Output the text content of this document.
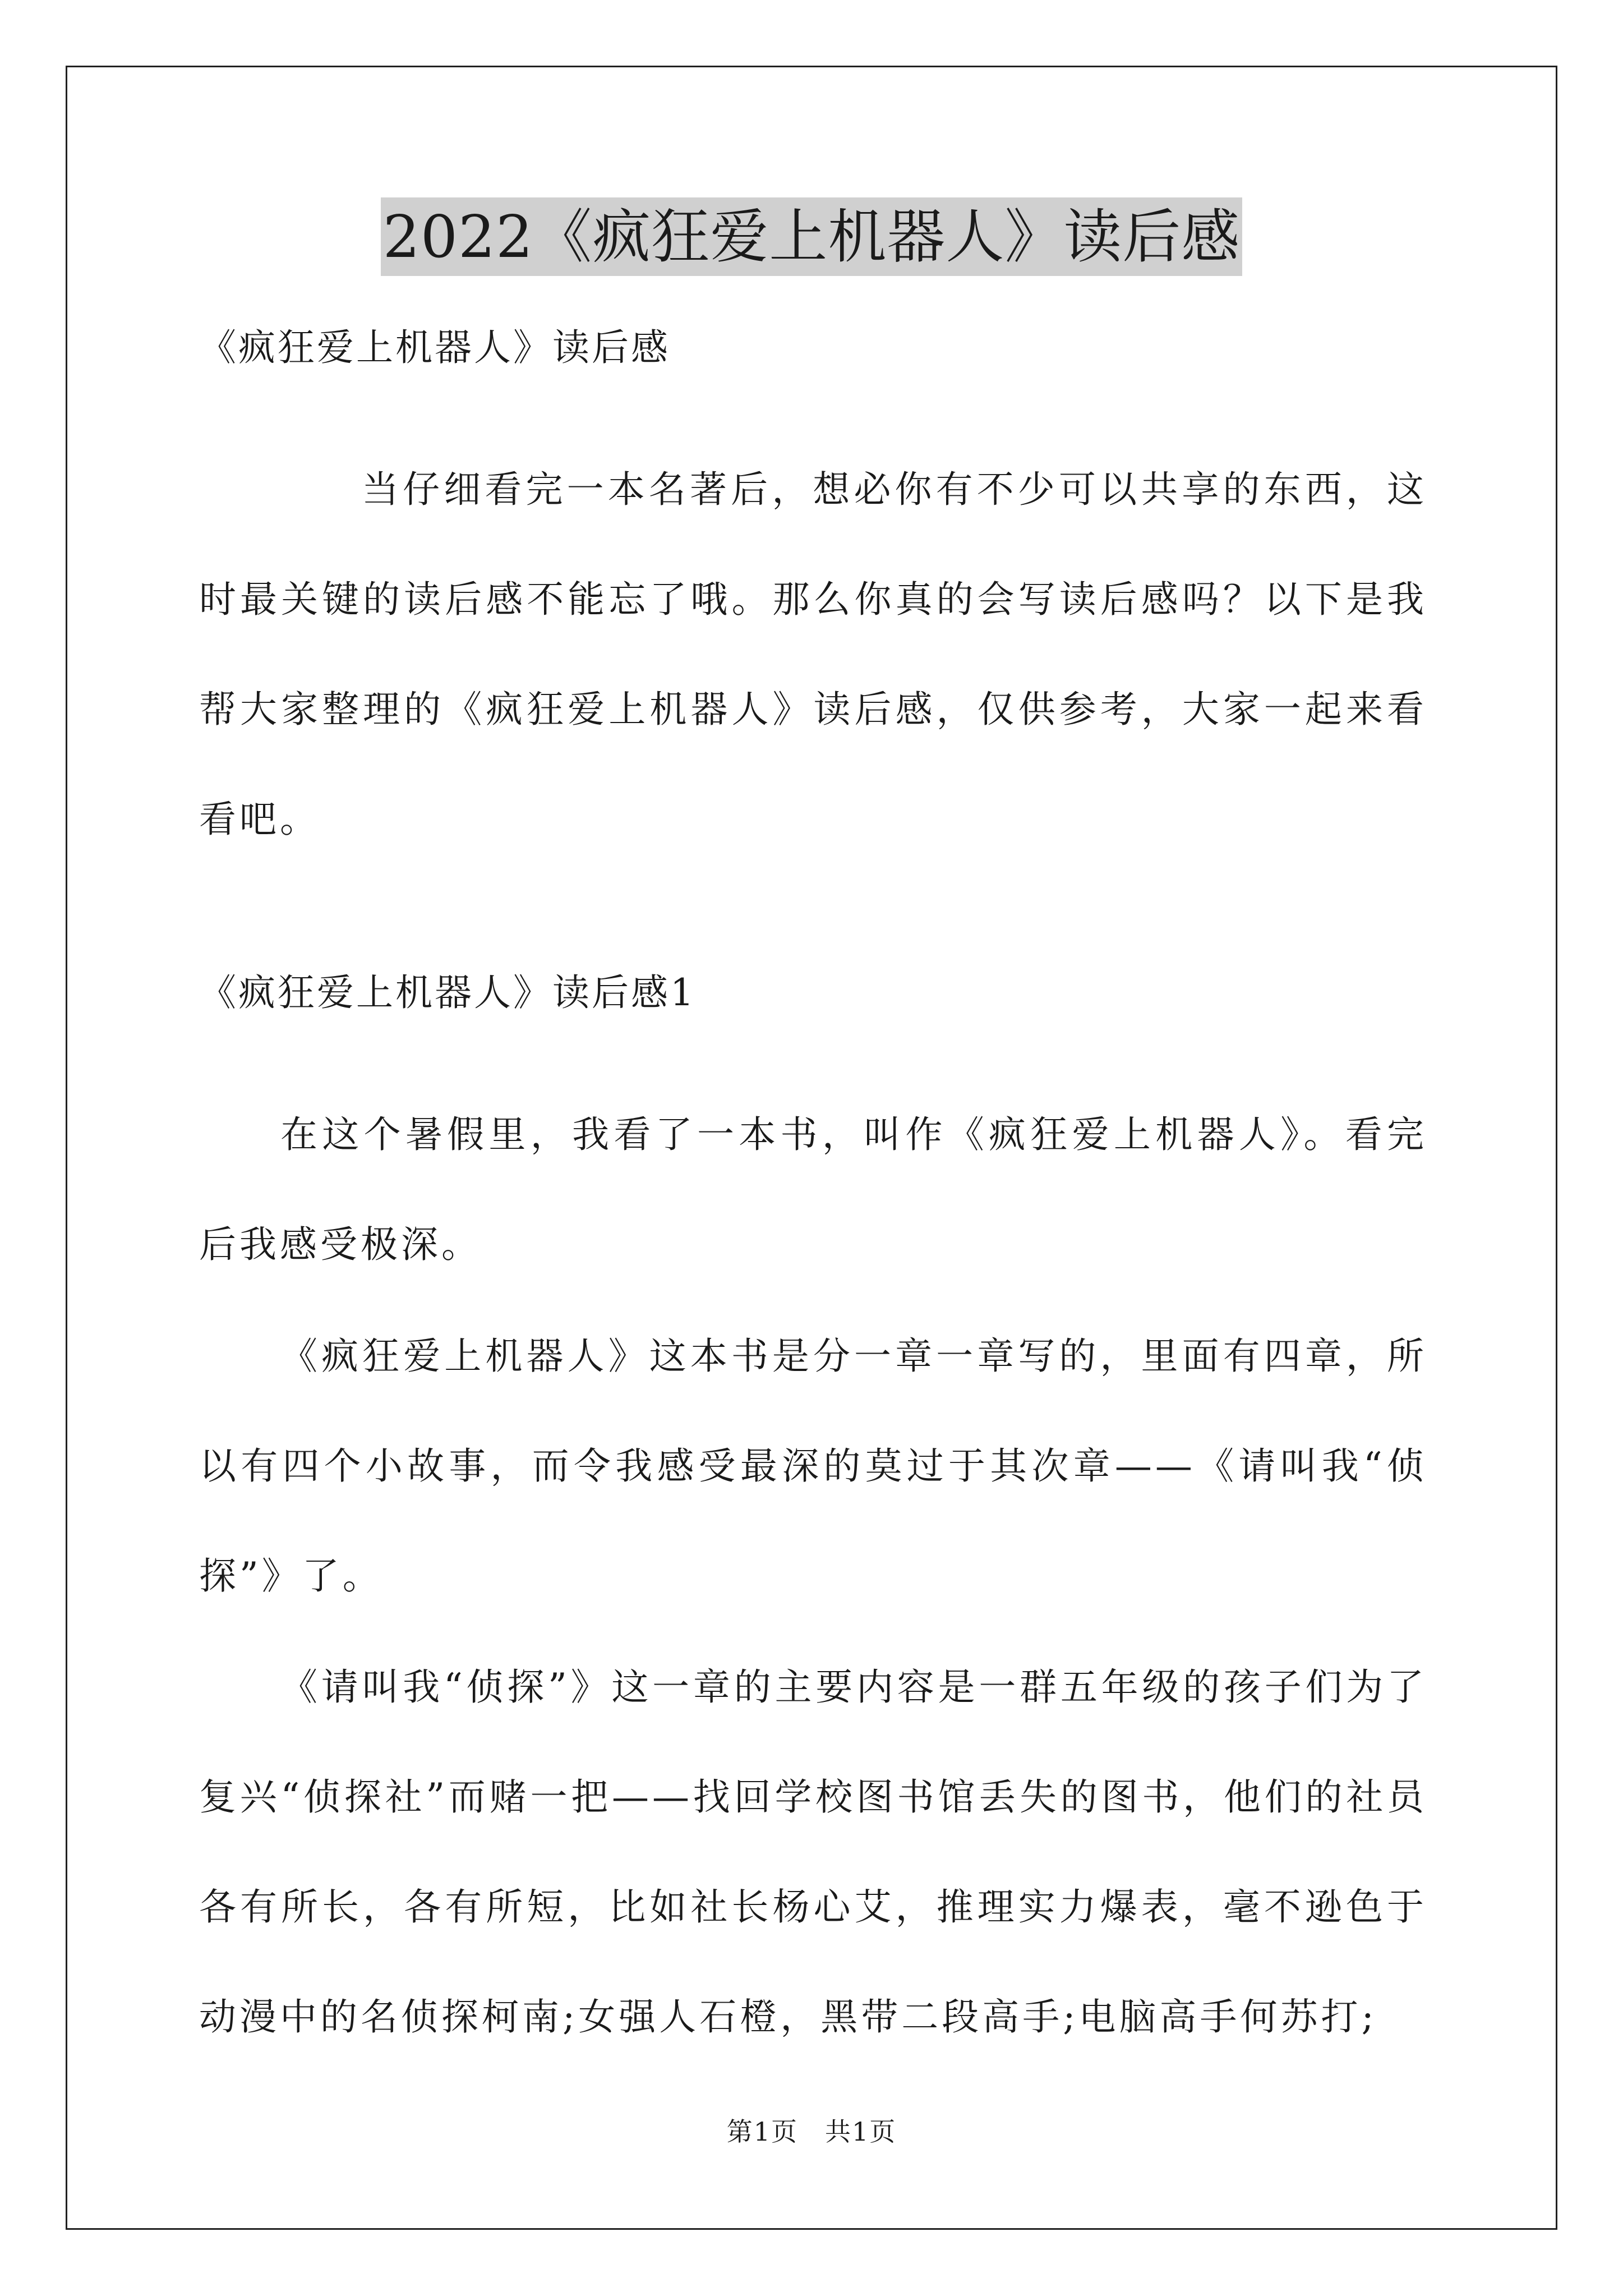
2022《疯狂爱上机器人》读后感
《疯狂爱上机器人》读后感
当仔细看完一本名著后，想必你有不少可以共享的东西，这时最关键的读后感不能忘了哦。那么你真的会写读后感吗？以下是我帮大家整理的《疯狂爱上机器人》读后感，仅供参考，大家一起来看看吧。
《疯狂爱上机器人》读后感1
在这个暑假里，我看了一本书，叫作《疯狂爱上机器人》。看完后我感受极深。
《疯狂爱上机器人》这本书是分一章一章写的，里面有四章，所以有四个小故事，而令我感受最深的莫过于其次章——《请叫我“侦探”》了。
《请叫我“侦探”》这一章的主要内容是一群五年级的孩子们为了复兴“侦探社”而赌一把——找回学校图书馆丢失的图书，他们的社员各有所长，各有所短，比如社长杨心艾，推理实力爆表，毫不逊色于动漫中的名侦探柯南;女强人石橙，黑带二段高手;电脑高手何苏打;
第1页　共1页
